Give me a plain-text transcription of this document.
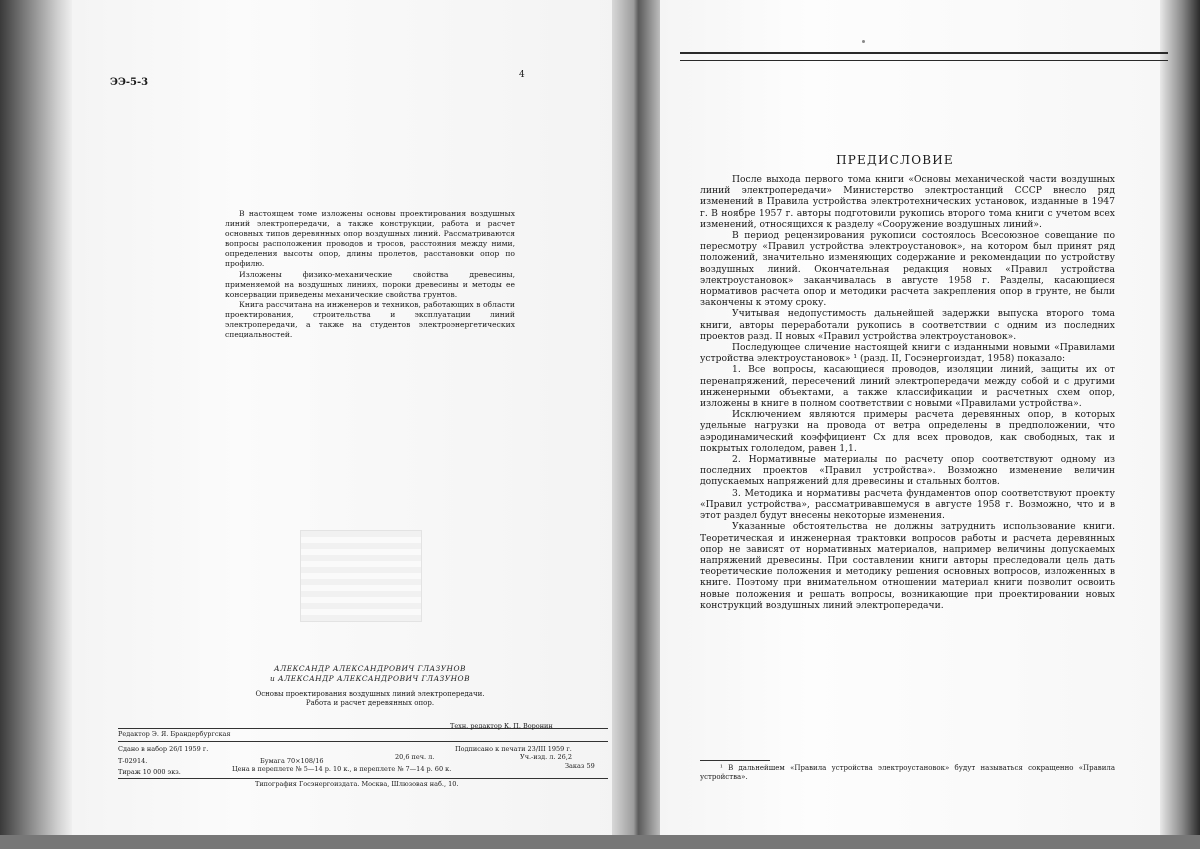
ЭЭ-5-3
4

В настоящем томе изложены основы проектирования воздушных линий электропередачи, а также конструкции, работа и расчет основных типов деревянных опор воздушных линий. Рассматриваются вопросы расположения проводов и тросов, расстояния между ними, определения высоты опор, длины пролетов, расстановки опор по профилю.

Изложены физико-механические свойства древесины, применяемой на воздушных линиях, пороки древесины и методы ее консервации приведены механические свойства грунтов.

Книга рассчитана на инженеров и техников, работающих в области проектирования, строительства и эксплуатации линий электропередачи, а также на студентов электроэнергетических специальностей.

АЛЕКСАНДР АЛЕКСАНДРОВИЧ ГЛАЗУНОВ
и АЛЕКСАНДР АЛЕКСАНДРОВИЧ ГЛАЗУНОВ
Основы проектирования воздушных линий электропередачи.
Работа и расчет деревянных опор.
Редактор Э. Я. Брандербургская
Техн. редактор К. П. Воронин
Сдано в набор 26/I 1959 г.	Подписано к печати 23/III 1959 г.
Т-02914.	Бумага 70×108/16	20,6 печ. л.	Уч.-изд. л. 26,2
Тираж 10 000 экз.	Цена в переплете № 5—14 р. 10 к., в переплете № 7—14 р. 60 к.	Заказ 59
Типография Госэнергоиздата. Москва, Шлюзовая наб., 10.
ПРЕДИСЛОВИЕ

После выхода первого тома книги «Основы механической части воздушных линий электропередачи» Министерство электростанций СССР внесло ряд изменений в Правила устройства электротехнических установок, изданные в 1947 г. В ноябре 1957 г. авторы подготовили рукопись второго тома книги с учетом всех изменений, относящихся к разделу «Сооружение воздушных линий».

В период рецензирования рукописи состоялось Всесоюзное совещание по пересмотру «Правил устройства электроустановок», на котором был принят ряд положений, значительно изменяющих содержание и рекомендации по устройству воздушных линий. Окончательная редакция новых «Правил устройства электроустановок» заканчивалась в августе 1958 г. Разделы, касающиеся нормативов расчета опор и методики расчета закрепления опор в грунте, не были закончены к этому сроку.

Учитывая недопустимость дальнейшей задержки выпуска второго тома книги, авторы переработали рукопись в соответствии с одним из последних проектов разд. II новых «Правил устройства электроустановок».

Последующее сличение настоящей книги с изданными новыми «Правилами устройства электроустановок» ¹ (разд. II, Госэнергоиздат, 1958) показало:

1. Все вопросы, касающиеся проводов, изоляции линий, защиты их от перенапряжений, пересечений линий электропередачи между собой и с другими инженерными объектами, а также классификации и расчетных схем опор, изложены в книге в полном соответствии с новыми «Правилами устройства».

Исключением являются примеры расчета деревянных опор, в которых удельные нагрузки на провода от ветра определены в предположении, что аэродинамический коэффициент Cx для всех проводов, как свободных, так и покрытых гололедом, равен 1,1.

2. Нормативные материалы по расчету опор соответствуют одному из последних проектов «Правил устройства». Возможно изменение величин допускаемых напряжений для древесины и стальных болтов.

3. Методика и нормативы расчета фундаментов опор соответствуют проекту «Правил устройства», рассматривавшемуся в августе 1958 г. Возможно, что и в этот раздел будут внесены некоторые изменения.

Указанные обстоятельства не должны затруднить использование книги. Теоретическая и инженерная трактовки вопросов работы и расчета деревянных опор не зависят от нормативных материалов, например величины допускаемых напряжений древесины. При составлении книги авторы преследовали цель дать теоретические положения и методику решения основных вопросов, изложенных в книге. Поэтому при внимательном отношении материал книги позволит освоить новые положения и решать вопросы, возникающие при проектировании новых конструкций воздушных линий электропередачи.

¹ В дальнейшем «Правила устройства электроустановок» будут называться сокращенно «Правила устройства».
